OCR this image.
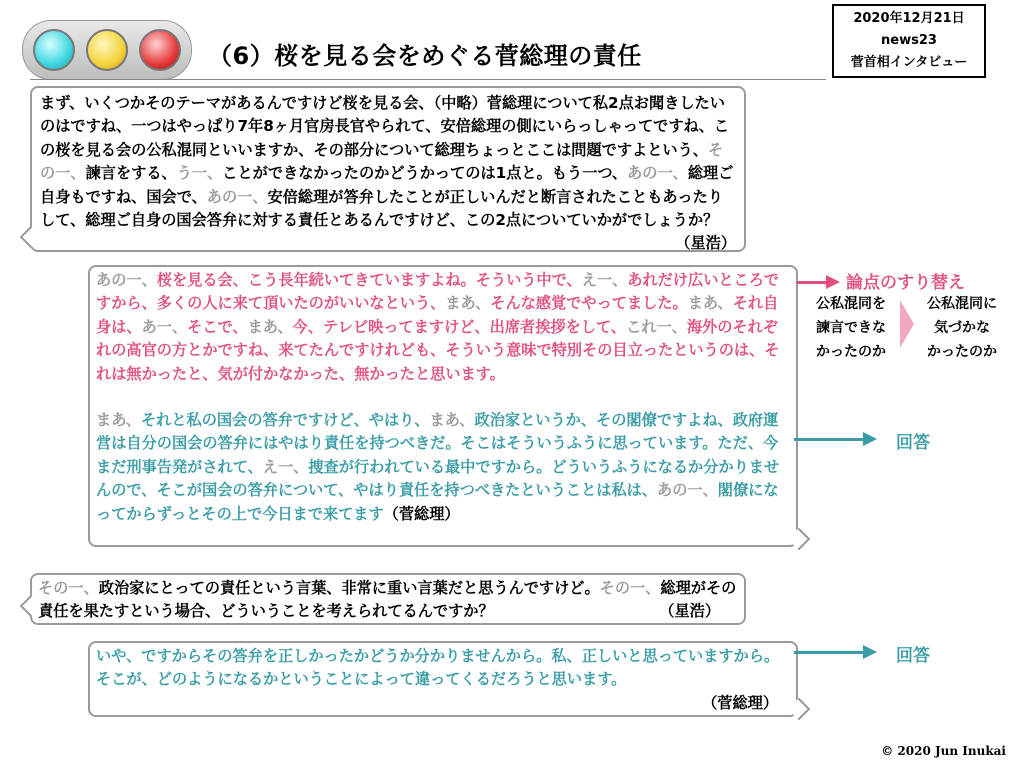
（6）桜を見る会をめぐる菅総理の責任
2020年12月21日
news23
菅首相インタビュー
まず、いくつかそのテーマがあるんですけど桜を見る会、（中略）菅総理について私2点お聞きしたいのはですね、一つはやっぱり7年8ヶ月官房長官やられて、安倍総理の側にいらっしゃってですね、この桜を見る会の公私混同といいますか、その部分について総理ちょっとここは問題ですよという、その一、諫言をする、う一、ことができなかったのかどうかってのは1点と。もう一つ、あの一、総理ご自身もですね、国会で、あの一、安倍総理が答弁したことが正しいんだと断言されたこともあったりして、総理ご自身の国会答弁に対する責任とあるんですけど、この2点についていかがでしょうか？
（星浩）
あの一、桜を見る会、こう長年続いてきていますよね。そういう中で、え一、あれだけ広いところですから、多くの人に来て頂いたのがいいなという、まあ、そんな感覚でやってました。まあ、それ自身は、あ一、そこで、まあ、今、テレビ映ってますけど、出席者挨拶をして、これ一、海外のそれぞれの高官の方とかですね、来てたんですけれども、そういう意味で特別その目立ったというのは、それは無かったと、気が付かなかった、無かったと思います。
まあ、それと私の国会の答弁ですけど、やはり、まあ、政治家というか、その閣僚ですよね、政府運営は自分の国会の答弁にはやはり責任を持つべきだ。そこはそういうふうに思っています。ただ、今まだ刑事告発がされて、え一、捜査が行われている最中ですから。どういうふうになるか分かりませんので、そこが国会の答弁について、やはり責任を持つべきたということは私は、あの一、閣僚になってからずっとその上で今日まで来てます（菅総理）
その一、政治家にとっての責任という言葉、非常に重い言葉だと思うんですけど。その一、総理がその責任を果たすという場合、どういうことを考えられてるんですか？	（星浩）
いや、ですからその答弁を正しかったかどうか分かりませんから。私、正しいと思っていますから。そこが、どのようになるかということによって違ってくるだろうと思います。
（菅総理）
論点のすり替え
公私混同を
諫言できな
かったのか
公私混同に
気づかな
かったのか
回答
回答
© 2020 Jun Inukai
